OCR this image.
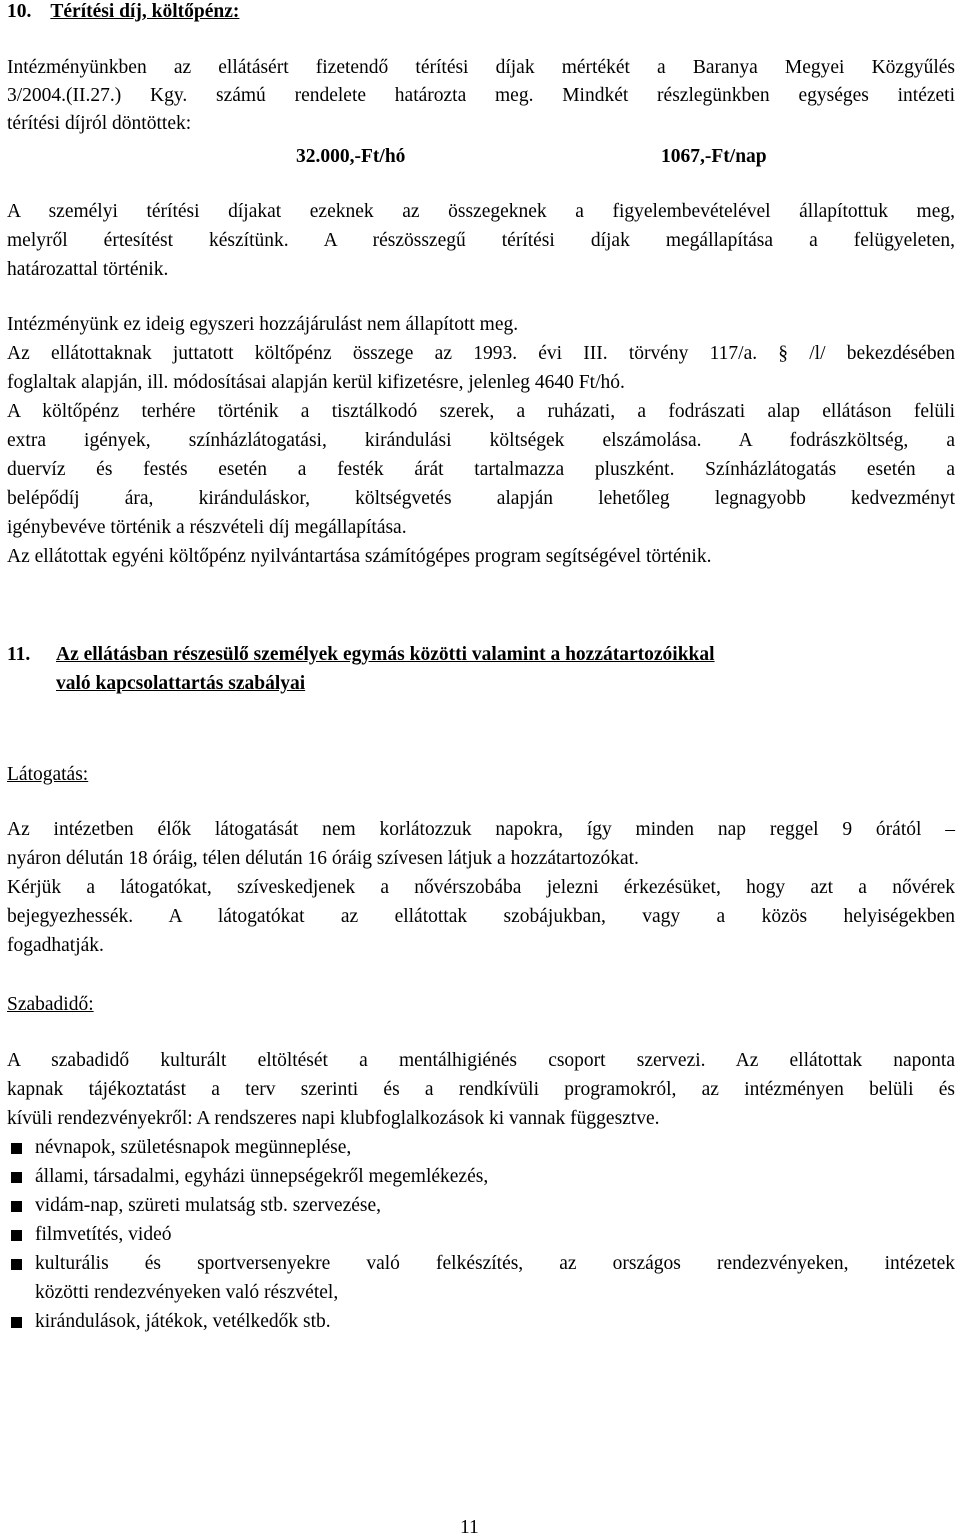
10. Térítési díj, költőpénz:
Intézményünkben az ellátásért fizetendő térítési díjak mértékét a Baranya Megyei Közgyűlés
3/2004.(II.27.) Kgy. számú rendelete határozta meg. Mindkét részlegünkben egységes intézeti
térítési díjról döntöttek:
32.000,-Ft/hó	1067,-Ft/nap
A személyi térítési díjakat ezeknek az összegeknek a figyelembevételével állapítottuk meg,
melyről értesítést készítünk. A részösszegű térítési díjak megállapítása a felügyeleten,
határozattal történik.
Intézményünk ez ideig egyszeri hozzájárulást nem állapított meg.
Az ellátottaknak juttatott költőpénz összege az 1993. évi III. törvény 117/a. § /l/ bekezdésében
foglaltak alapján, ill. módosításai alapján kerül kifizetésre, jelenleg 4640 Ft/hó.
A költőpénz terhére történik a tisztálkodó szerek, a ruházati, a fodrászati alap ellátáson felüli
extra igények, színházlátogatási, kirándulási költségek elszámolása. A fodrászköltség, a
duervíz és festés esetén a festék árát tartalmazza pluszként. Színházlátogatás esetén a
belépődíj ára, kiránduláskor, költségvetés alapján lehetőleg legnagyobb kedvezményt
igénybevéve történik a részvételi díj megállapítása.
Az ellátottak egyéni költőpénz nyilvántartása számítógépes program segítségével történik.
11. Az ellátásban részesülő személyek egymás közötti valamint a hozzátartozóikkal
való kapcsolattartás szabályai
Látogatás:
Az intézetben élők látogatását nem korlátozzuk napokra, így minden nap reggel 9 órától –
nyáron délután 18 óráig, télen délután 16 óráig szívesen látjuk a hozzátartozókat.
Kérjük a látogatókat, szíveskedjenek a nővérszobába jelezni érkezésüket, hogy azt a nővérek
bejegyezhessék. A látogatókat az ellátottak szobájukban, vagy a közös helyiségekben
fogadhatják.
Szabadidő:
A szabadidő kulturált eltöltését a mentálhigiénés csoport szervezi. Az ellátottak naponta
kapnak tájékoztatást a terv szerinti és a rendkívüli programokról, az intézményen belüli és
kívüli rendezvényekről: A rendszeres napi klubfoglalkozások ki vannak függesztve.
névnapok, születésnapok megünneplése,
állami, társadalmi, egyházi ünnepségekről megemlékezés,
vidám-nap, szüreti mulatság stb. szervezése,
filmvetítés, videó
kulturális és sportversenyekre való felkészítés, az országos rendezvényeken, intézetek
közötti rendezvényeken való részvétel,
kirándulások, játékok, vetélkedők stb.
11
